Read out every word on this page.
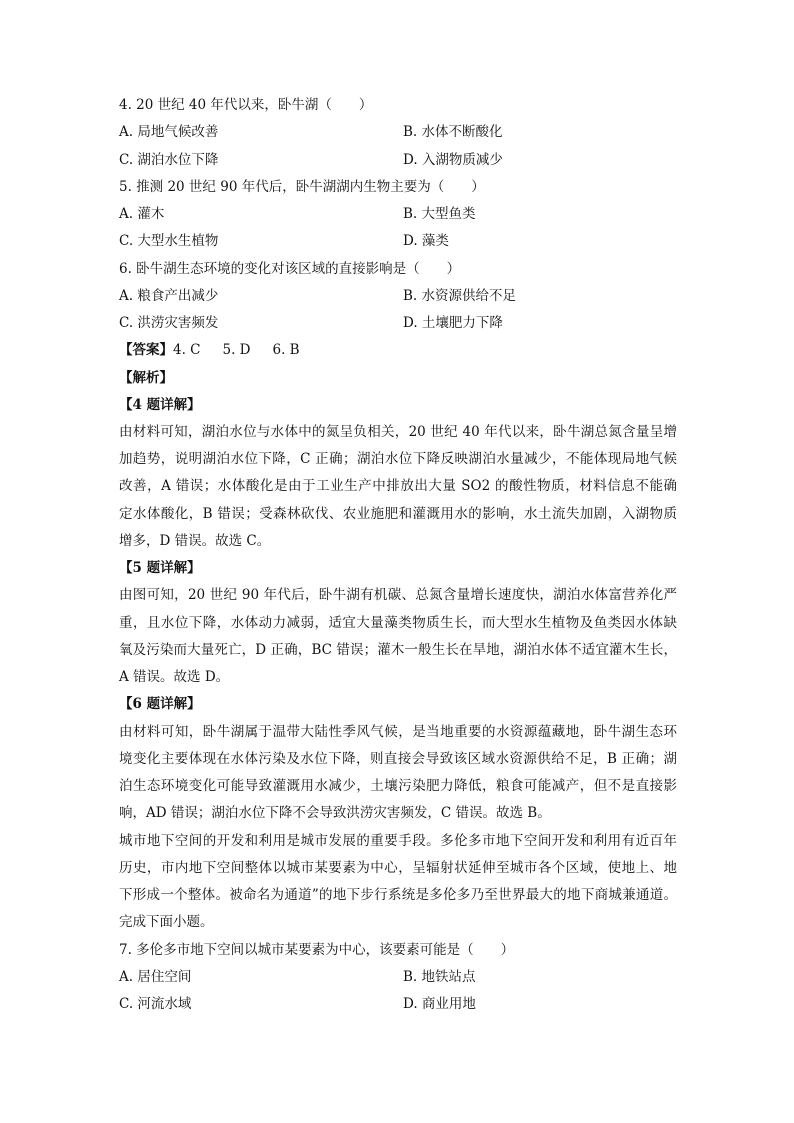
4. 20 世纪 40 年代以来，卧牛湖（　　）

A. 局地气候改善	B. 水体不断酸化
C. 湖泊水位下降	D. 入湖物质减少

5. 推测 20 世纪 90 年代后，卧牛湖湖内生物主要为（　　）

A. 灌木	B. 大型鱼类
C. 大型水生植物	D. 藻类

6. 卧牛湖生态环境的变化对该区域的直接影响是（　　）

A. 粮食产出减少	B. 水资源供给不足
C. 洪涝灾害频发	D. 土壤肥力下降

【答案】4. C 5. D 6. B

【解析】

【4 题详解】

由材料可知，湖泊水位与水体中的氮呈负相关，20 世纪 40 年代以来，卧牛湖总氮含量呈增

加趋势，说明湖泊水位下降，C 正确；湖泊水位下降反映湖泊水量减少，不能体现局地气候

改善，A 错误；水体酸化是由于工业生产中排放出大量 SO2 的酸性物质，材料信息不能确

定水体酸化，B 错误；受森林砍伐、农业施肥和灌溉用水的影响，水土流失加剧，入湖物质

增多，D 错误。故选 C。

【5 题详解】

由图可知，20 世纪 90 年代后，卧牛湖有机碳、总氮含量增长速度快，湖泊水体富营养化严

重，且水位下降，水体动力减弱，适宜大量藻类物质生长，而大型水生植物及鱼类因水体缺

氧及污染而大量死亡，D 正确，BC 错误；灌木一般生长在旱地，湖泊水体不适宜灌木生长，

A 错误。故选 D。

【6 题详解】

由材料可知，卧牛湖属于温带大陆性季风气候，是当地重要的水资源蕴藏地，卧牛湖生态环

境变化主要体现在水体污染及水位下降，则直接会导致该区域水资源供给不足，B 正确；湖

泊生态环境变化可能导致灌溉用水减少，土壤污染肥力降低，粮食可能减产，但不是直接影

响，AD 错误；湖泊水位下降不会导致洪涝灾害频发，C 错误。故选 B。

城市地下空间的开发和利用是城市发展的重要手段。多伦多市地下空间开发和利用有近百年

历史，市内地下空间整体以城市某要素为中心，呈辐射状延伸至城市各个区域，使地上、地

下形成一个整体。被命名为通道”的地下步行系统是多伦多乃至世界最大的地下商城兼通道。

完成下面小题。

7. 多伦多市地下空间以城市某要素为中心，该要素可能是（　　）

A. 居住空间	B. 地铁站点
C. 河流水域	D. 商业用地
